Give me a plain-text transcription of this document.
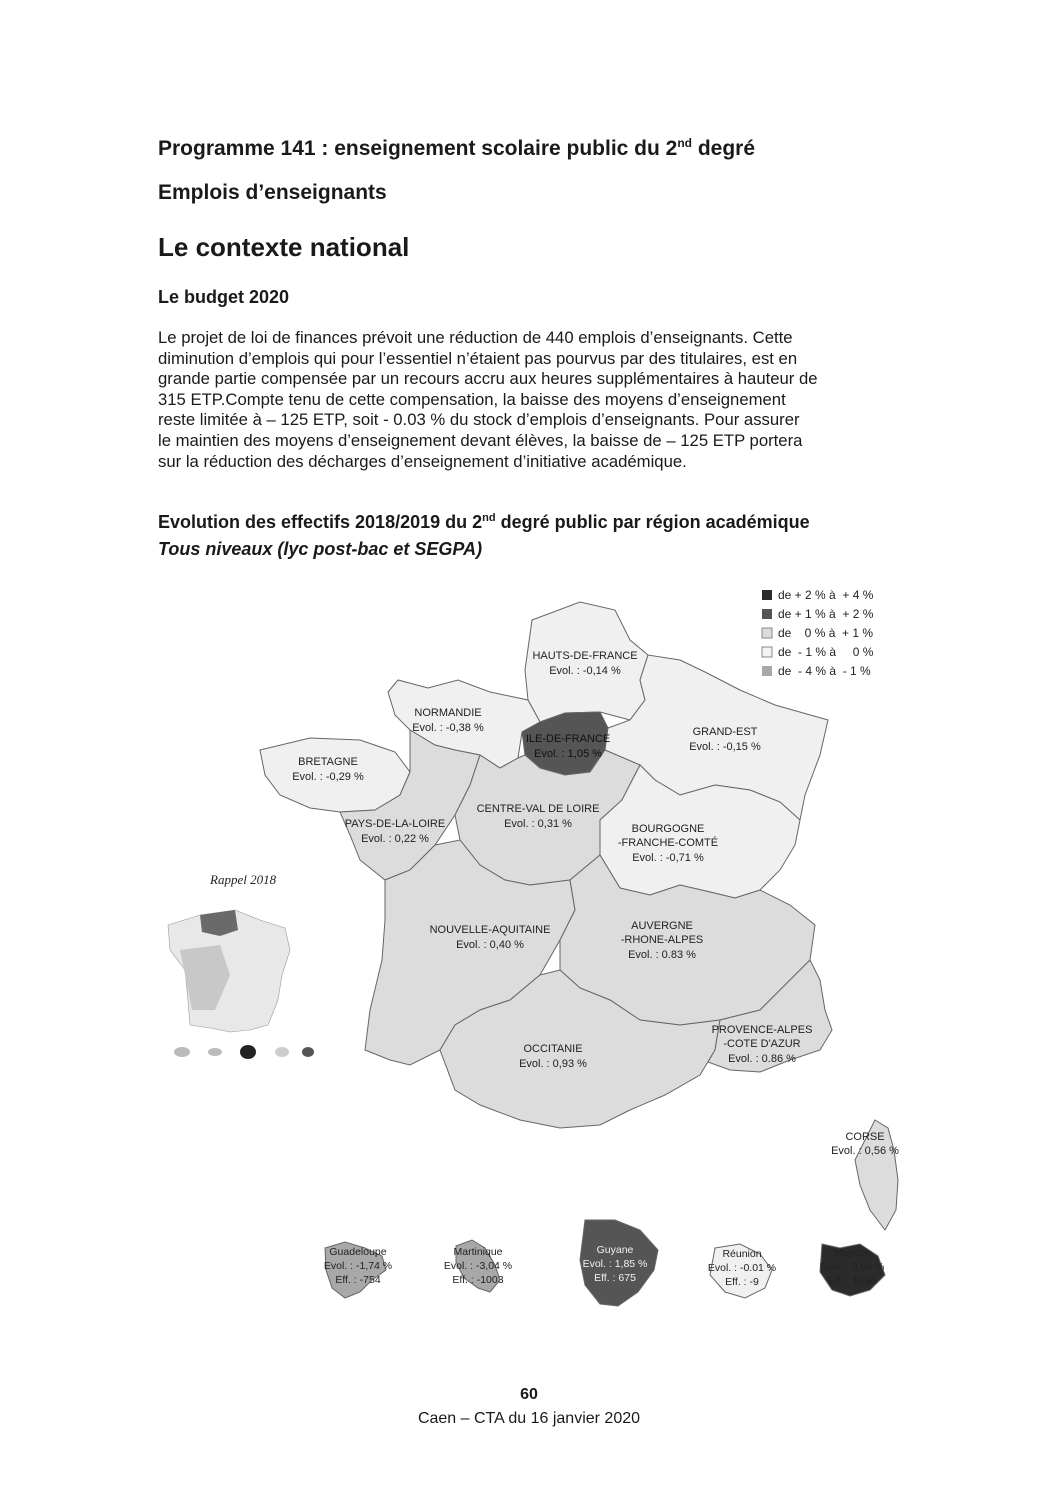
Programme 141 : enseignement scolaire public du 2nd degré
Emplois d’enseignants
Le contexte national
Le budget 2020
Le projet de loi de finances prévoit une réduction de 440 emplois d’enseignants. Cette
diminution d’emplois qui pour l’essentiel n’étaient pas pourvus par des titulaires, est en
grande partie compensée par un recours accru aux heures supplémentaires à hauteur de
315 ETP.Compte tenu de cette compensation, la baisse des moyens d’enseignement
reste limitée à – 125 ETP, soit - 0.03 % du stock d’emplois d’enseignants. Pour assurer
le maintien des moyens d’enseignement devant élèves, la baisse de – 125 ETP portera
sur la réduction des décharges d’enseignement d’initiative académique.
Evolution des effectifs 2018/2019 du 2nd degré public par région académique
Tous niveaux (lyc post-bac et SEGPA)
de + 2 % à  + 4 %
de + 1 % à  + 2 %
de    0 % à  + 1 %
de  - 1 % à     0 %
de  - 4 % à  - 1 %
HAUTS-DE-FRANCE
Evol. : -0,14 %
NORMANDIE
Evol. : -0,38 %
ILE-DE-FRANCE
Evol. : 1,05 %
GRAND-EST
Evol. : -0,15 %
BRETAGNE
Evol. : -0,29 %
PAYS-DE-LA-LOIRE
Evol. : 0,22 %
CENTRE-VAL DE LOIRE
Evol. : 0,31 %	BOURGOGNE
-FRANCHE-COMTÉ
Evol. : -0,71 %
NOUVELLE-AQUITAINE
Evol. : 0,40 %
AUVERGNE
-RHONE-ALPES
Evol. : 0.83 %
OCCITANIE
Evol. : 0,93 %
PROVENCE-ALPES
-COTE D'AZUR
Evol. : 0.86 %
CORSE
Evol. : 0,56 %
Rappel 2018
Guadeloupe
Evol. : -1,74 %
Eff. : -754
Martinique
Evol. : -3,04 %
Eff. : -1003
Guyane
Evol. : 1,85 %
Eff. : 675
Réunion
Evol. : -0.01 %
Eff. : -9
Mayotte
Evol. : 3,64 %
Eff. : 1636
60
Caen – CTA du 16 janvier 2020
